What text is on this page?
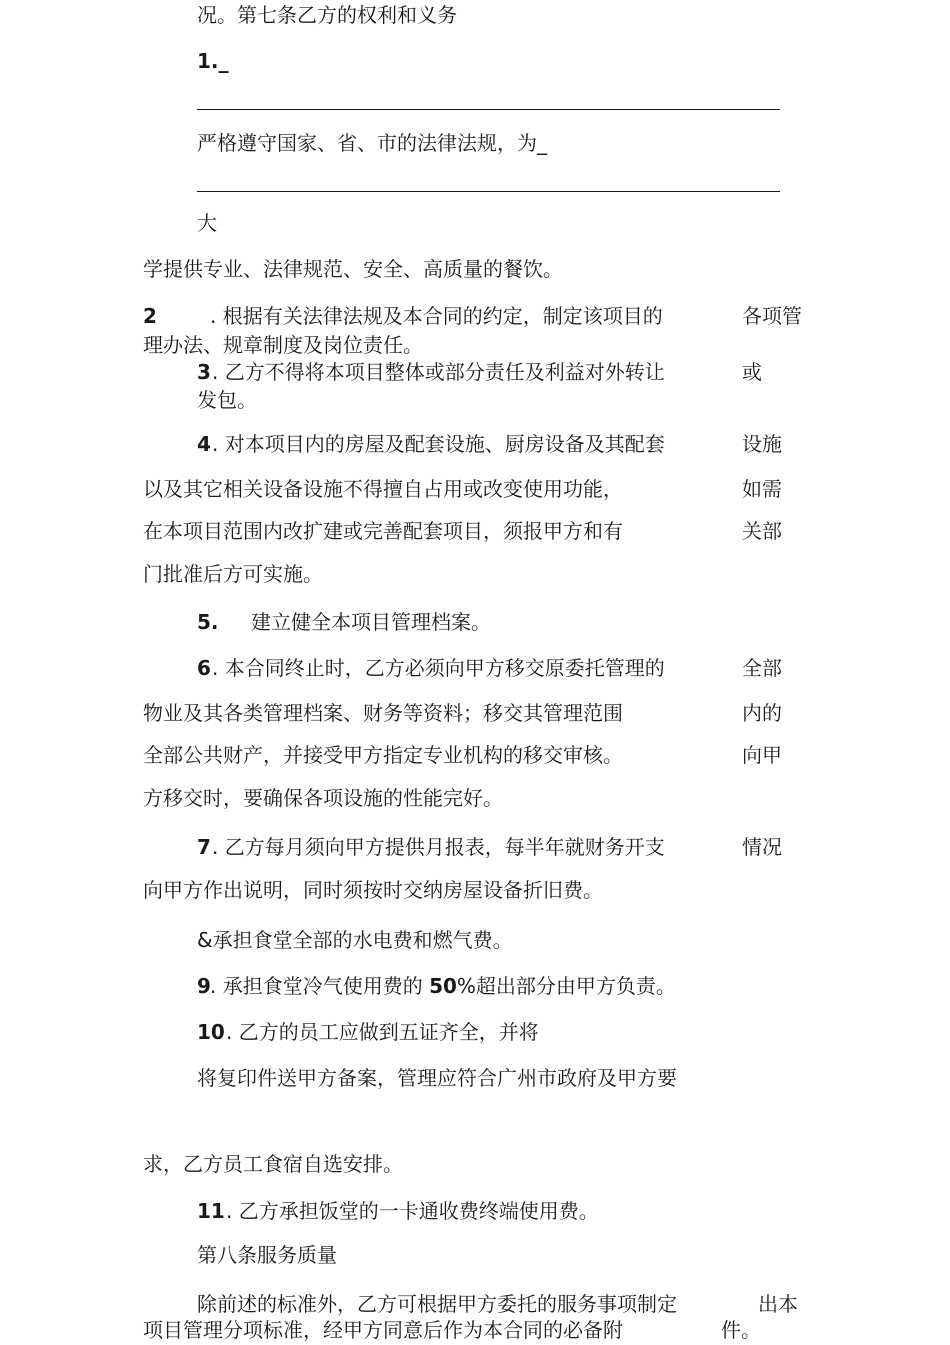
况。第七条乙方的权利和义务
1._
严格遵守国家、省、市的法律法规，为_
大
学提供专业、法律规范、安全、高质量的餐饮。
2	. 根据有关法律法规及本合同的约定，制定该项目的	各项管
理办法、规章制度及岗位责任。
3 . 乙方不得将本项目整体或部分责任及利益对外转让	或
发包。
4 . 对本项目内的房屋及配套设施、厨房设备及其配套	设施
以及其它相关设备设施不得擅自占用或改变使用功能，	如需
在本项目范围内改扩建或完善配套项目，须报甲方和有	关部
门批准后方可实施。
5. 建立健全本项目管理档案。
6 . 本合同终止时，乙方必须向甲方移交原委托管理的	全部
物业及其各类管理档案、财务等资料；移交其管理范围	内的
全部公共财产，并接受甲方指定专业机构的移交审核。	向甲
方移交时，要确保各项设施的性能完好。
7 . 乙方每月须向甲方提供月报表，每半年就财务开支	情况
向甲方作出说明，同时须按时交纳房屋设备折旧费。
&承担食堂全部的水电费和燃气费。
9 . 承担食堂冷气使用费的 50%超出部分由甲方负责。
10 . 乙方的员工应做到五证齐全，并将
将复印件送甲方备案，管理应符合广州市政府及甲方要
求，乙方员工食宿自选安排。
11 . 乙方承担饭堂的一卡通收费终端使用费。
第八条服务质量
除前述的标准外，乙方可根据甲方委托的服务事项制定	出本
项目管理分项标准，经甲方同意后作为本合同的必备附	件。
